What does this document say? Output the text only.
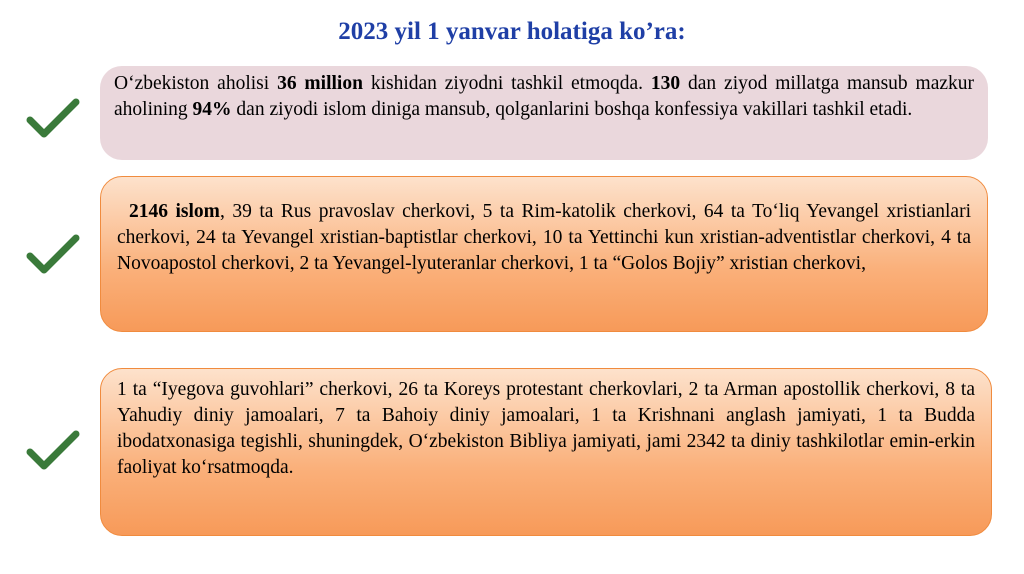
2023 yil 1 yanvar holatiga ko’ra:

O‘zbekiston aholisi 36 million kishidan ziyodni tashkil etmoqda. 130 dan ziyod millatga mansub mazkur aholining 94% dan ziyodi islom diniga mansub, qolganlarini boshqa konfessiya vakillari tashkil etadi.

2146 islom, 39 ta Rus pravoslav cherkovi, 5 ta Rim-katolik cherkovi, 64 ta To‘liq Yevangel xristianlari cherkovi, 24 ta Yevangel xristian-baptistlar cherkovi, 10 ta Yettinchi kun xristian-adventistlar cherkovi, 4 ta Novoapostol cherkovi, 2 ta Yevangel-lyuteranlar cherkovi, 1 ta “Golos Bojiy” xristian cherkovi,

1 ta “Iyegova guvohlari” cherkovi, 26 ta Koreys protestant cherkovlari, 2 ta Arman apostollik cherkovi, 8 ta Yahudiy diniy jamoalari, 7 ta Bahoiy diniy jamoalari, 1 ta Krishnani anglash jamiyati, 1 ta Budda ibodatxonasiga tegishli, shuningdek, O‘zbekiston Bibliya jamiyati, jami 2342 ta diniy tashkilotlar emin-erkin faoliyat ko‘rsatmoqda.
